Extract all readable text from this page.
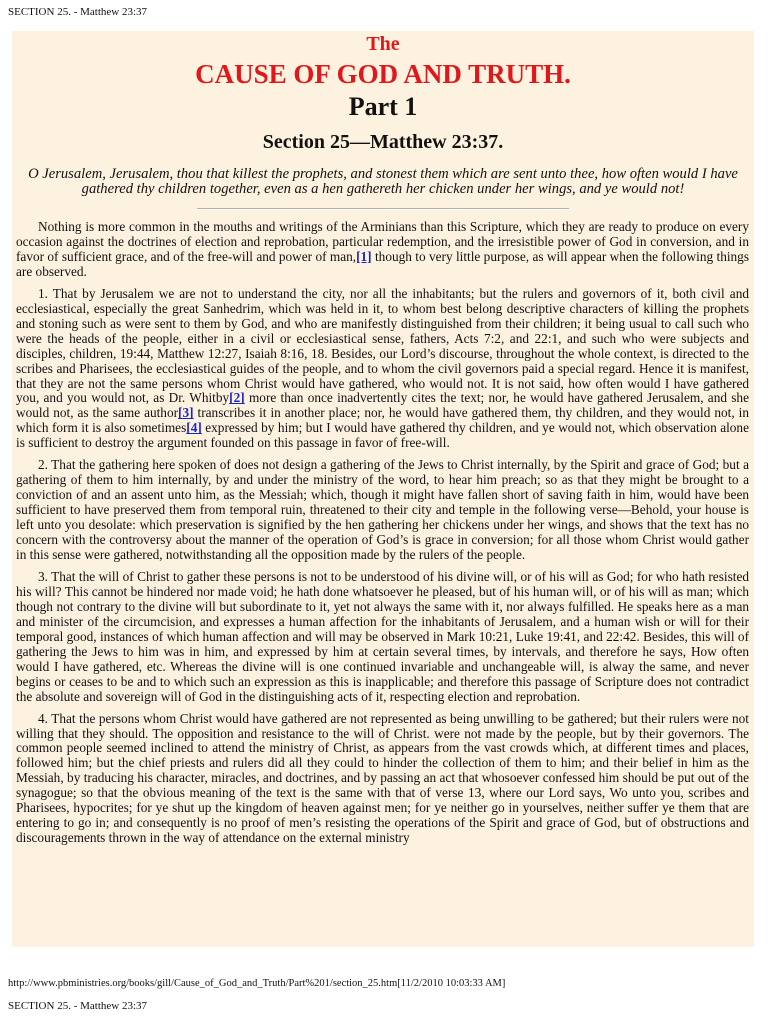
SECTION 25. - Matthew 23:37
The
CAUSE OF GOD AND TRUTH.
Part 1
Section 25—Matthew 23:37.
O Jerusalem, Jerusalem, thou that killest the prophets, and stonest them which are sent unto thee, how often would I have gathered thy children together, even as a hen gathereth her chicken under her wings, and ye would not!

Nothing is more common in the mouths and writings of the Arminians than this Scripture, which they are ready to produce on every occasion against the doctrines of election and reprobation, particular redemption, and the irresistible power of God in conversion, and in favor of sufficient grace, and of the free-will and power of man,[1] though to very little purpose, as will appear when the following things are observed.

1. That by Jerusalem we are not to understand the city, nor all the inhabitants; but the rulers and governors of it, both civil and ecclesiastical, especially the great Sanhedrim, which was held in it, to whom best belong descriptive characters of killing the prophets and stoning such as were sent to them by God, and who are manifestly distinguished from their children; it being usual to call such who were the heads of the people, either in a civil or ecclesiastical sense, fathers, Acts 7:2, and 22:1, and such who were subjects and disciples, children, 19:44, Matthew 12:27, Isaiah 8:16, 18. Besides, our Lord’s discourse, throughout the whole context, is directed to the scribes and Pharisees, the ecclesiastical guides of the people, and to whom the civil governors paid a special regard. Hence it is manifest, that they are not the same persons whom Christ would have gathered, who would not. It is not said, how often would I have gathered you, and you would not, as Dr. Whitby[2] more than once inadvertently cites the text; nor, he would have gathered Jerusalem, and she would not, as the same author[3] transcribes it in another place; nor, he would have gathered them, thy children, and they would not, in which form it is also sometimes[4] expressed by him; but I would have gathered thy children, and ye would not, which observation alone is sufficient to destroy the argument founded on this passage in favor of free-will.

2. That the gathering here spoken of does not design a gathering of the Jews to Christ internally, by the Spirit and grace of God; but a gathering of them to him internally, by and under the ministry of the word, to hear him preach; so as that they might be brought to a conviction of and an assent unto him, as the Messiah; which, though it might have fallen short of saving faith in him, would have been sufficient to have preserved them from temporal ruin, threatened to their city and temple in the following verse—Behold, your house is left unto you desolate: which preservation is signified by the hen gathering her chickens under her wings, and shows that the text has no concern with the controversy about the manner of the operation of God’s is grace in conversion; for all those whom Christ would gather in this sense were gathered, notwithstanding all the opposition made by the rulers of the people.

3. That the will of Christ to gather these persons is not to be understood of his divine will, or of his will as God; for who hath resisted his will? This cannot be hindered nor made void; he hath done whatsoever he pleased, but of his human will, or of his will as man; which though not contrary to the divine will but subordinate to it, yet not always the same with it, nor always fulfilled. He speaks here as a man and minister of the circumcision, and expresses a human affection for the inhabitants of Jerusalem, and a human wish or will for their temporal good, instances of which human affection and will may be observed in Mark 10:21, Luke 19:41, and 22:42. Besides, this will of gathering the Jews to him was in him, and expressed by him at certain several times, by intervals, and therefore he says, How often would I have gathered, etc. Whereas the divine will is one continued invariable and unchangeable will, is alway the same, and never begins or ceases to be and to which such an expression as this is inapplicable; and therefore this passage of Scripture does not contradict the absolute and sovereign will of God in the distinguishing acts of it, respecting election and reprobation.

4. That the persons whom Christ would have gathered are not represented as being unwilling to be gathered; but their rulers were not willing that they should. The opposition and resistance to the will of Christ. were not made by the people, but by their governors. The common people seemed inclined to attend the ministry of Christ, as appears from the vast crowds which, at different times and places, followed him; but the chief priests and rulers did all they could to hinder the collection of them to him; and their belief in him as the Messiah, by traducing his character, miracles, and doctrines, and by passing an act that whosoever confessed him should be put out of the synagogue; so that the obvious meaning of the text is the same with that of verse 13, where our Lord says, Wo unto you, scribes and Pharisees, hypocrites; for ye shut up the kingdom of heaven against men; for ye neither go in yourselves, neither suffer ye them that are entering to go in; and consequently is no proof of men’s resisting the operations of the Spirit and grace of God, but of obstructions and discouragements thrown in the way of attendance on the external ministry

http://www.pbministries.org/books/gill/Cause_of_God_and_Truth/Part%201/section_25.htm[11/2/2010 10:03:33 AM]
SECTION 25. - Matthew 23:37
